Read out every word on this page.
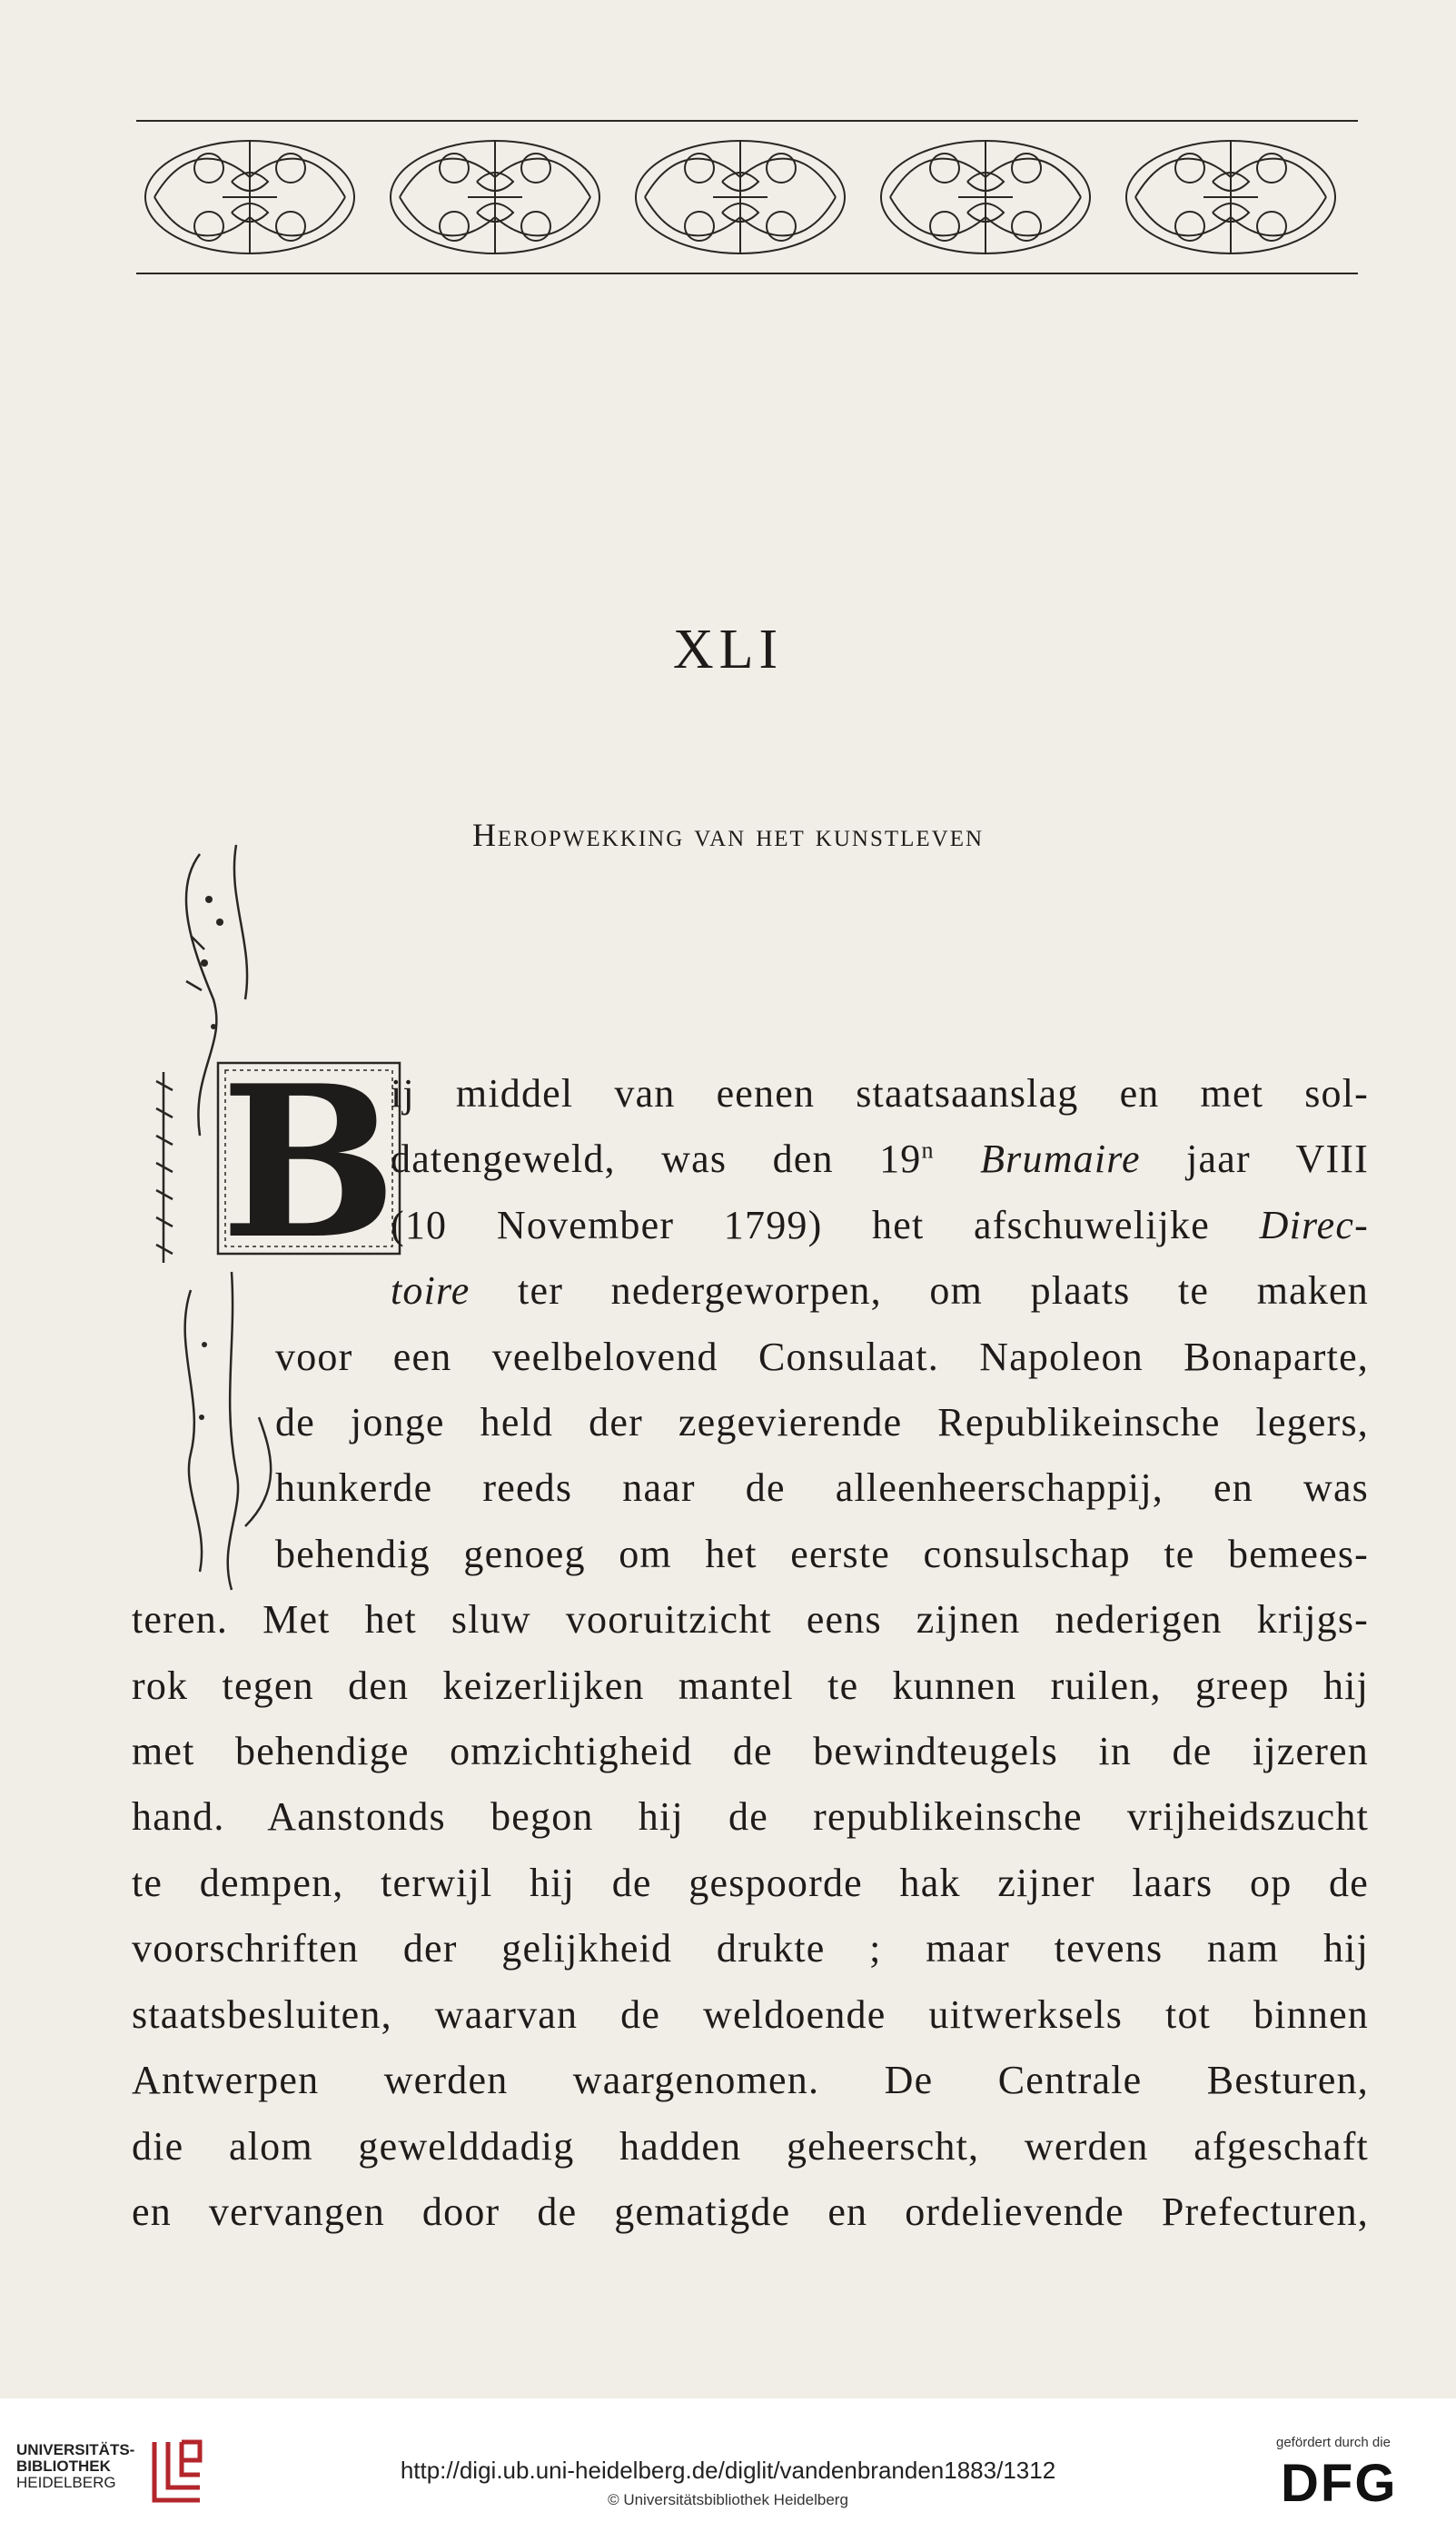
XLI
Heropwekking van het kunstleven
B
ij middel van eenen staatsaanslag en met sol-
datengeweld, was den 19$^n$ Brumaire jaar VIII
(10 November 1799) het afschuwelijke Direc-
toire ter nedergeworpen, om plaats te maken
voor een veelbelovend Consulaat. Napoleon Bonaparte,
de jonge held der zegevierende Republikeinsche legers,
hunkerde reeds naar de alleenheerschappij, en was
behendig genoeg om het eerste consulschap te bemees-
teren. Met het sluw vooruitzicht eens zijnen nederigen krijgs-
rok tegen den keizerlijken mantel te kunnen ruilen, greep hij
met behendige omzichtigheid de bewindteugels in de ijzeren
hand. Aanstonds begon hij de republikeinsche vrijheidszucht
te dempen, terwijl hij de gespoorde hak zijner laars op de
voorschriften der gelijkheid drukte ; maar tevens nam hij
staatsbesluiten, waarvan de weldoende uitwerksels tot binnen
Antwerpen werden waargenomen. De Centrale Besturen,
die alom gewelddadig hadden geheerscht, werden afgeschaft
en vervangen door de gematigde en ordelievende Prefecturen,
UNIVERSITÄTS-
BIBLIOTHEK
HEIDELBERG	http://digi.ub.uni-heidelberg.de/diglit/vandenbranden1883/1312
© Universitätsbibliothek Heidelberg
gefördert durch die
DFG
